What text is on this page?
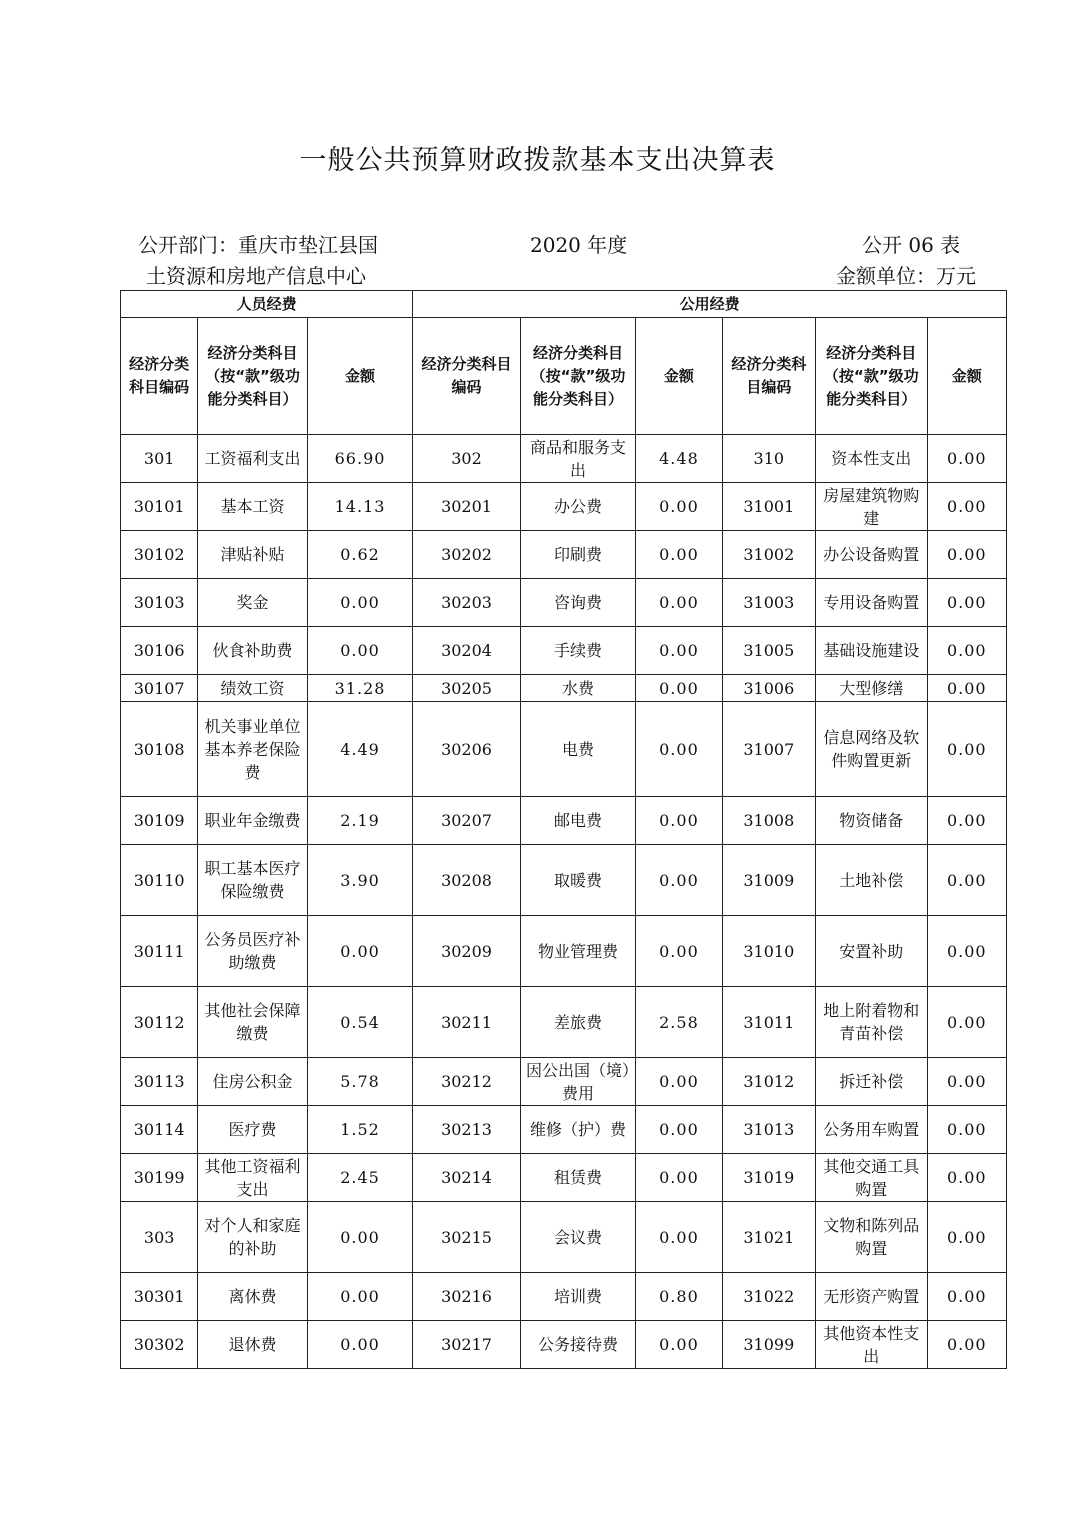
一般公共预算财政拨款基本支出决算表
公开部门：重庆市垫江县国
土资源和房地产信息中心
2020 年度	公开 06 表
金额单位：万元
人员经费			公用经费					
经济分类科目编码	经济分类科目（按“款”级功能分类科目）	金额	经济分类科目编码	经济分类科目（按“款”级功能分类科目）	金额	经济分类科目编码	经济分类科目（按“款”级功能分类科目）	金额
301	工资福利支出	66.90	302	商品和服务支出	4.48	310	资本性支出	0.00
30101	基本工资	14.13	30201	办公费	0.00	31001	房屋建筑物购建	0.00
30102	津贴补贴	0.62	30202	印刷费	0.00	31002	办公设备购置	0.00
30103	奖金	0.00	30203	咨询费	0.00	31003	专用设备购置	0.00
30106	伙食补助费	0.00	30204	手续费	0.00	31005	基础设施建设	0.00
30107	绩效工资	31.28	30205	水费	0.00	31006	大型修缮	0.00
30108	机关事业单位基本养老保险费	4.49	30206	电费	0.00	31007	信息网络及软件购置更新	0.00
30109	职业年金缴费	2.19	30207	邮电费	0.00	31008	物资储备	0.00
30110	职工基本医疗保险缴费	3.90	30208	取暖费	0.00	31009	土地补偿	0.00
30111	公务员医疗补助缴费	0.00	30209	物业管理费	0.00	31010	安置补助	0.00
30112	其他社会保障缴费	0.54	30211	差旅费	2.58	31011	地上附着物和青苗补偿	0.00
30113	住房公积金	5.78	30212	因公出国（境）费用	0.00	31012	拆迁补偿	0.00
30114	医疗费	1.52	30213	维修（护）费	0.00	31013	公务用车购置	0.00
30199	其他工资福利支出	2.45	30214	租赁费	0.00	31019	其他交通工具购置	0.00
303	对个人和家庭的补助	0.00	30215	会议费	0.00	31021	文物和陈列品购置	0.00
30301	离休费	0.00	30216	培训费	0.80	31022	无形资产购置	0.00
30302	退休费	0.00	30217	公务接待费	0.00	31099	其他资本性支出	0.00
